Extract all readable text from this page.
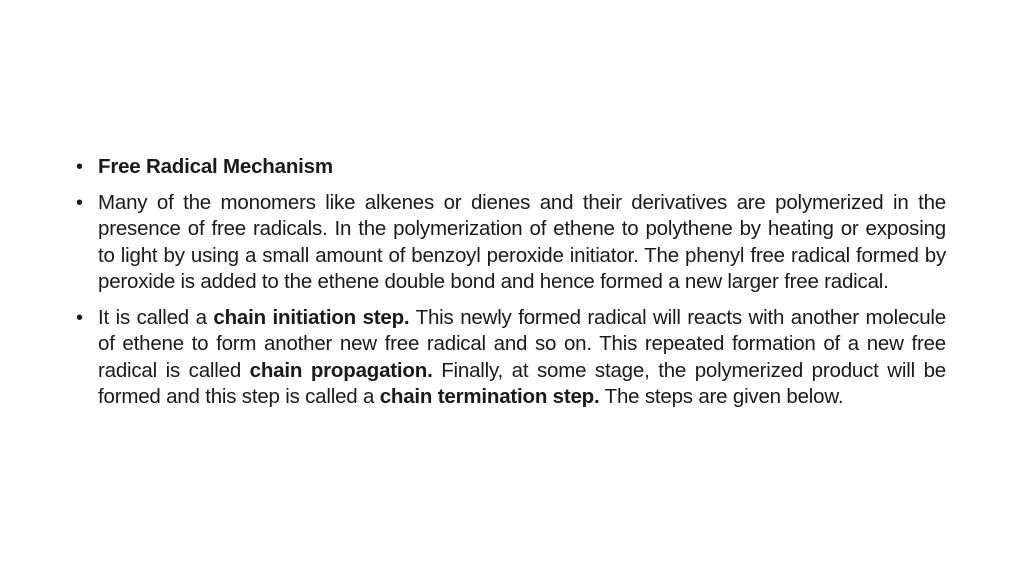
• Free Radical Mechanism
• Many of the monomers like alkenes or dienes and their derivatives are polymerized in the presence of free radicals. In the polymerization of ethene to polythene by heating or exposing to light by using a small amount of benzoyl peroxide initiator. The phenyl free radical formed by peroxide is added to the ethene double bond and hence formed a new larger free radical.
• It is called a chain initiation step. This newly formed radical will reacts with another molecule of ethene to form another new free radical and so on. This repeated formation of a new free radical is called chain propagation. Finally, at some stage, the polymerized product will be formed and this step is called a chain termination step. The steps are given below.
